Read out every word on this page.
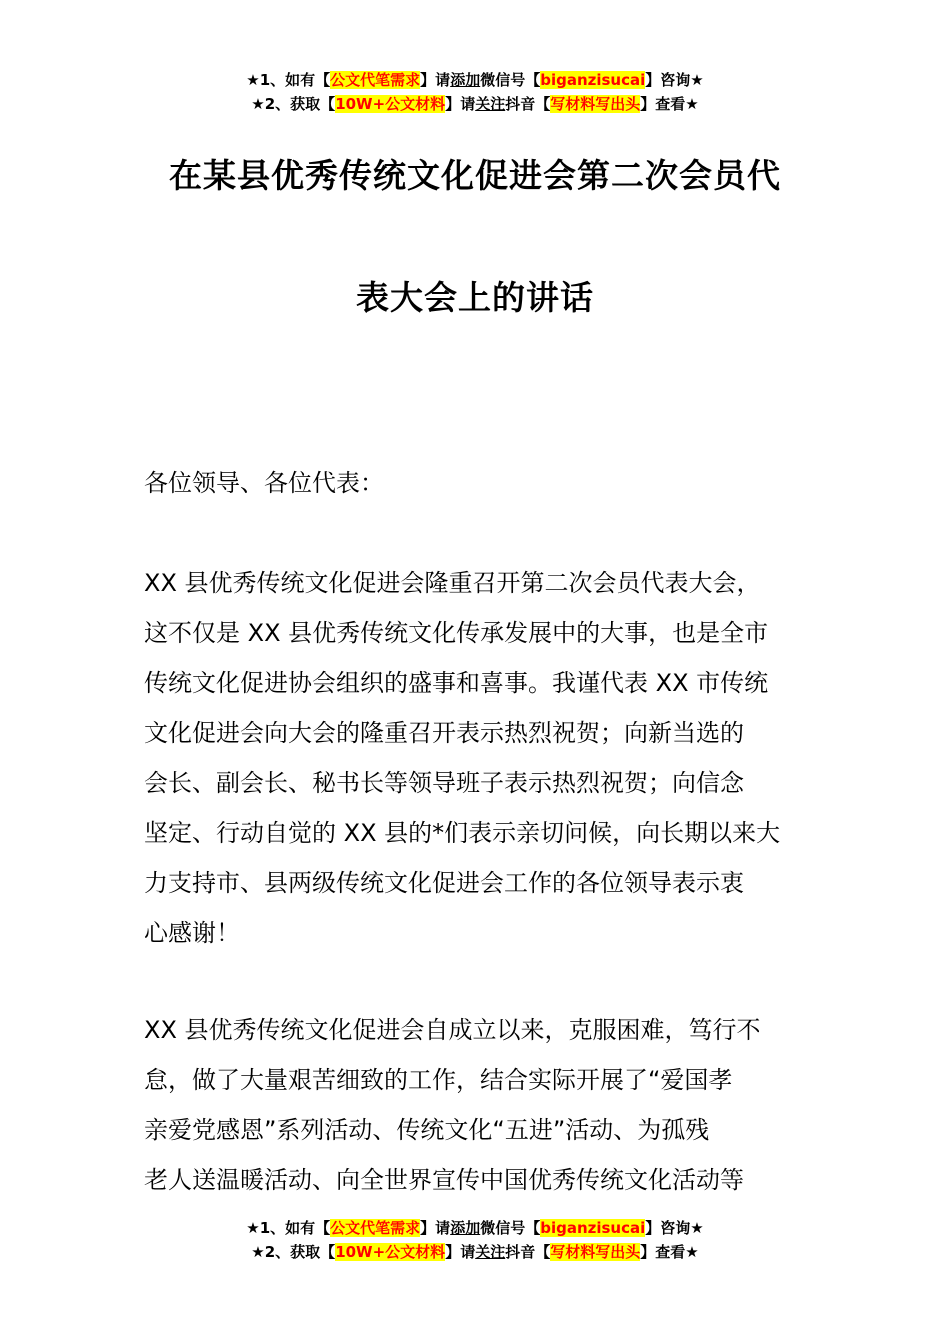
★1、如有【公文代笔需求】请添加微信号【biganzisucai】咨询★
★2、获取【10W+公文材料】请关注抖音【写材料写出头】查看★
在某县优秀传统文化促进会第二次会员代
表大会上的讲话
各位领导、各位代表：
XX 县优秀传统文化促进会隆重召开第二次会员代表大会，
这不仅是 XX 县优秀传统文化传承发展中的大事，也是全市
传统文化促进协会组织的盛事和喜事。我谨代表 XX 市传统
文化促进会向大会的隆重召开表示热烈祝贺；向新当选的
会长、副会长、秘书长等领导班子表示热烈祝贺；向信念
坚定、行动自觉的 XX 县的*们表示亲切问候，向长期以来大
力支持市、县两级传统文化促进会工作的各位领导表示衷
心感谢！
XX 县优秀传统文化促进会自成立以来，克服困难，笃行不
怠，做了大量艰苦细致的工作，结合实际开展了“爱国孝
亲爱党感恩”系列活动、传统文化“五进”活动、为孤残
老人送温暖活动、向全世界宣传中国优秀传统文化活动等
★1、如有【公文代笔需求】请添加微信号【biganzisucai】咨询★
★2、获取【10W+公文材料】请关注抖音【写材料写出头】查看★
